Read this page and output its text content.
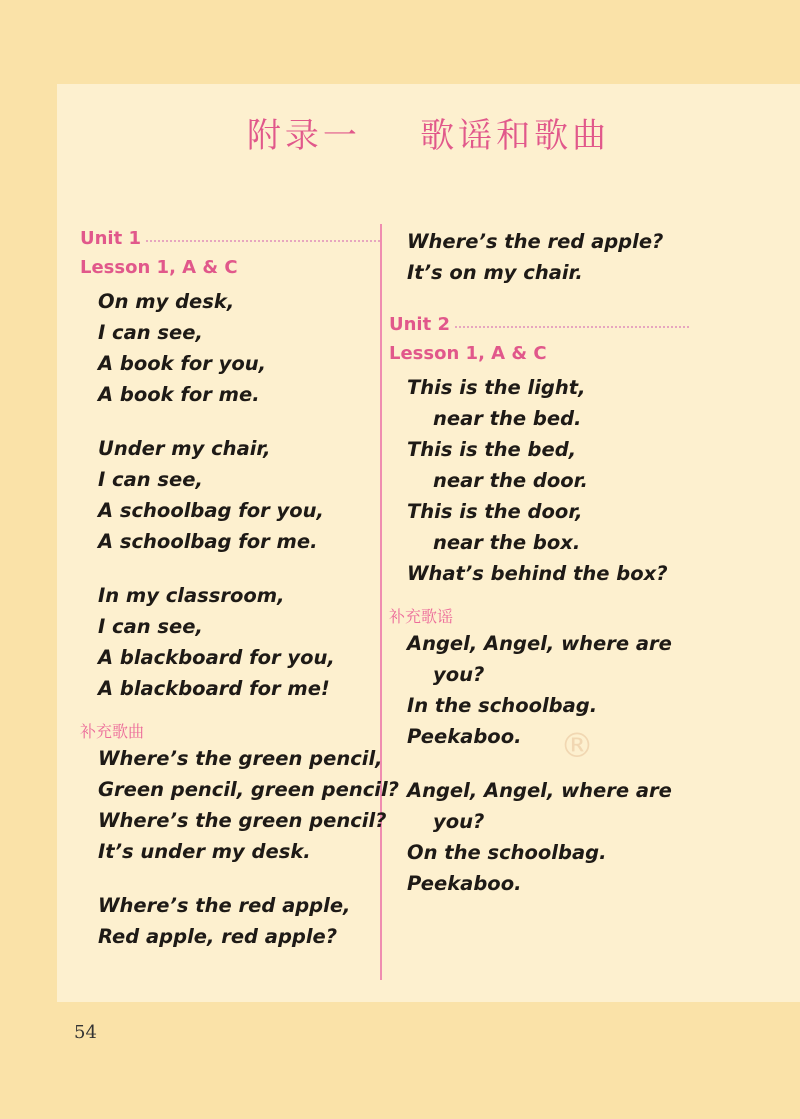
附录一    歌谣和歌曲
Unit 1
Lesson 1, A & C
On my desk,
I can see,
A book for you,
A book for me.
Under my chair,
I can see,
A schoolbag for you,
A schoolbag for me.
In my classroom,
I can see,
A blackboard for you,
A blackboard for me!
补充歌曲
Where’s the green pencil,
Green pencil, green pencil?
Where’s the green pencil?
It’s under my desk.
Where’s the red apple,
Red apple, red apple?
Where’s the red apple?
It’s on my chair.
Unit 2
Lesson 1, A & C
This is the light,
near the bed.
This is the bed,
near the door.
This is the door,
near the box.
What’s behind the box?
补充歌谣
Angel, Angel, where are
you?
In the schoolbag.
Peekaboo.
Angel, Angel, where are
you?
On the schoolbag.
Peekaboo.
®
54
